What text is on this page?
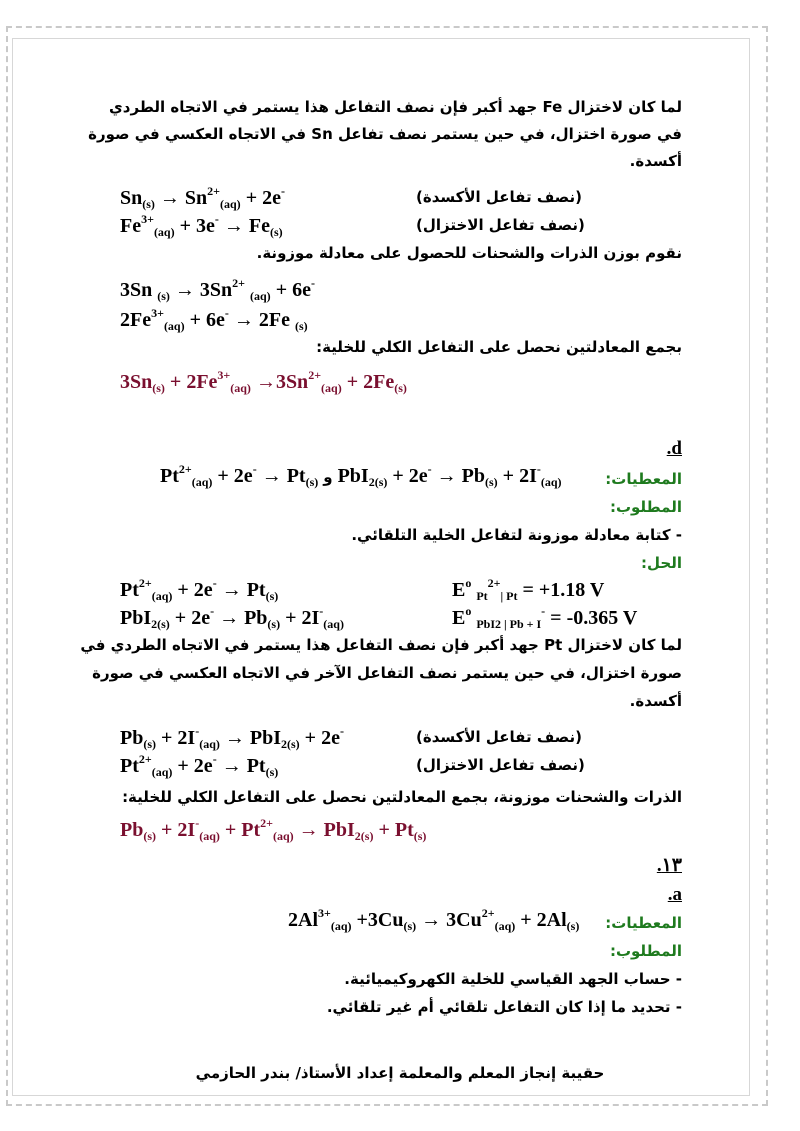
لما كان لاختزال Fe جهد أكبر فإن نصف التفاعل هذا يستمر في الاتجاه الطردي
في صورة اختزال، في حين يستمر نصف تفاعل Sn في الاتجاه العكسي في صورة
أكسدة.
$Sn_{(s)} \to Sn^{2+}_{(aq)} + 2e^-$	(نصف تفاعل الأكسدة)
$Fe^{3+}_{(aq)} + 3e^- \to Fe_{(s)}$	(نصف تفاعل الاختزال)
نقوم بوزن الذرات والشحنات للحصول على معادلة موزونة.
3Sn $_{(s)} \to 3Sn^{2+}$ $_{(aq)}$ + 6e-
$2Fe^{3+}_{(aq)} + 6e^- \to 2Fe$ $_{(s)}$
بجمع المعادلتين نحصل على التفاعل الكلي للخلية:
$3Sn_{(s)} + 2Fe^{3+}_{(aq)} \to 3Sn^{2+}_{(aq)} + 2Fe_{(s)}$
.d
المعطيات:
$Pt^{2+}_{(aq)} + 2e^- \to Pt_{(s)}$ و $PbI_{2(s)} + 2e^- \to Pb_{(s)} + 2I^-_{(aq)}$
المطلوب:
- كتابة معادلة موزونة لتفاعل الخلية التلقائي.
الحل:
$Pt^{2+}_{(aq)} + 2e^- \to Pt_{(s)}$	$E^o$ $_{Pt}^{2+}_{| Pt}$ = +1.18 V
$PbI_{2(s)} + 2e^- \to Pb_{(s)} + 2I^-_{(aq)}$	$E^o$ $_{PbI2 | Pb + I}$- = -0.365 V
لما كان لاختزال Pt جهد أكبر فإن نصف التفاعل هذا يستمر في الاتجاه الطردي في
صورة اختزال، في حين يستمر نصف التفاعل الآخر في الاتجاه العكسي في صورة
أكسدة.
$Pb_{(s)} + 2I^-_{(aq)} \to PbI_{2(s)} + 2e^-$	(نصف تفاعل الأكسدة)
$Pt^{2+}_{(aq)} + 2e^- \to Pt_{(s)}$	(نصف تفاعل الاختزال)
الذرات والشحنات موزونة، بجمع المعادلتين نحصل على التفاعل الكلي للخلية:
$Pb_{(s)} + 2I^-_{(aq)} + Pt^{2+}_{(aq)} \to PbI_{2(s)} + Pt_{(s)}$
.١٣
.a
المعطيات:
$2Al^{3+}_{(aq)} +3Cu_{(s)} \to 3Cu^{2+}_{(aq)} + 2Al_{(s)}$
المطلوب:
- حساب الجهد القياسي للخلية الكهروكيميائية.
- تحديد ما إذا كان التفاعل تلقائي أم غير تلقائي.
حقيبة إنجاز المعلم والمعلمة إعداد الأستاذ/ بندر الحازمي
